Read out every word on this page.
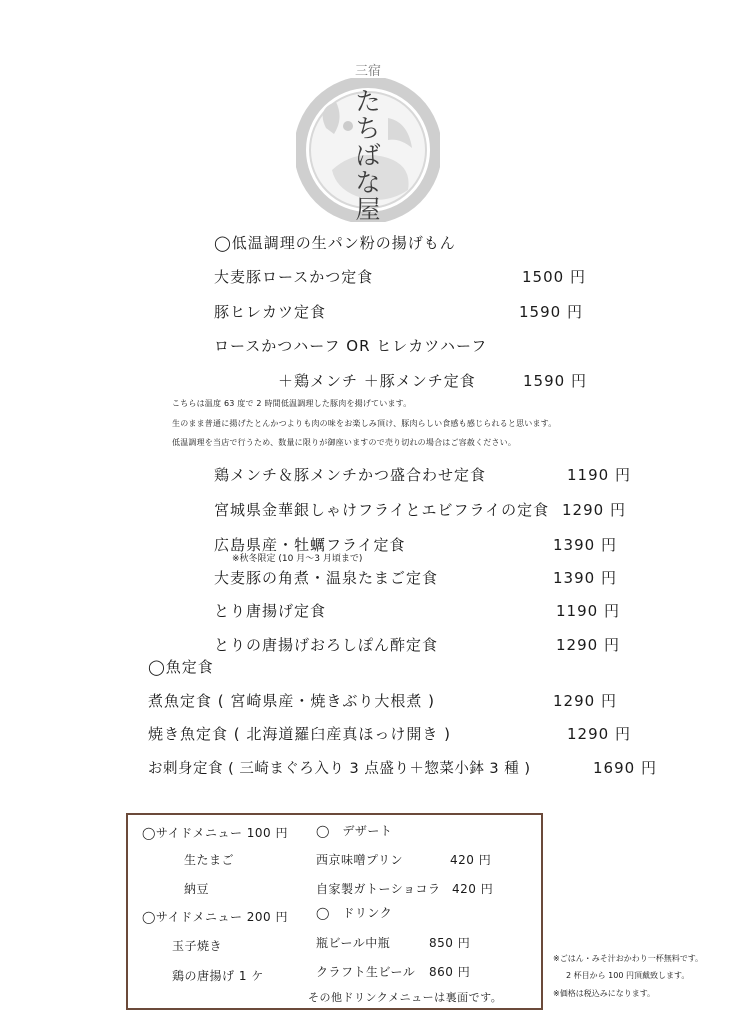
三宿
た
ち
ば
な
屋
◯低温調理の生パン粉の揚げもん
大麦豚ロースかつ定食	1500 円
豚ヒレカツ定食	1590 円
ロースかつハーフ OR ヒレカツハーフ
＋鶏メンチ ＋豚メンチ定食	1590 円
こちらは温度 63 度で 2 時間低温調理した豚肉を揚げています。
生のまま普通に揚げたとんかつよりも肉の味をお楽しみ頂け、豚肉らしい食感も感じられると思います。
低温調理を当店で行うため、数量に限りが御座いますので売り切れの場合はご容赦ください。
鶏メンチ＆豚メンチかつ盛合わせ定食	1190 円
宮城県金華銀しゃけフライとエビフライの定食 1290 円
広島県産・牡蠣フライ定食	1390 円
※秋冬限定 (10 月～3 月頃まで)
大麦豚の角煮・温泉たまご定食	1390 円
とり唐揚げ定食	1190 円
とりの唐揚げおろしぽん酢定食	1290 円
◯魚定食
煮魚定食 ( 宮崎県産・焼きぶり大根煮 )	1290 円
焼き魚定食 ( 北海道羅臼産真ほっけ開き )	1290 円
お刺身定食 ( 三崎まぐろ入り 3 点盛り＋惣菜小鉢 3 種 )	1690 円
◯サイドメニュー 100 円
生たまご
納豆
◯サイドメニュー 200 円
玉子焼き
鶏の唐揚げ 1 ケ
◯　デザート
西京味噌プリン	420 円
自家製ガトーショコラ 420 円
◯　ドリンク
瓶ビール中瓶	850 円
クラフト生ビール 860 円
その他ドリンクメニューは裏面です。
※ごはん・みそ汁おかわり一杯無料です。
2 杯目から 100 円頂戴致します。
※価格は税込みになります。
